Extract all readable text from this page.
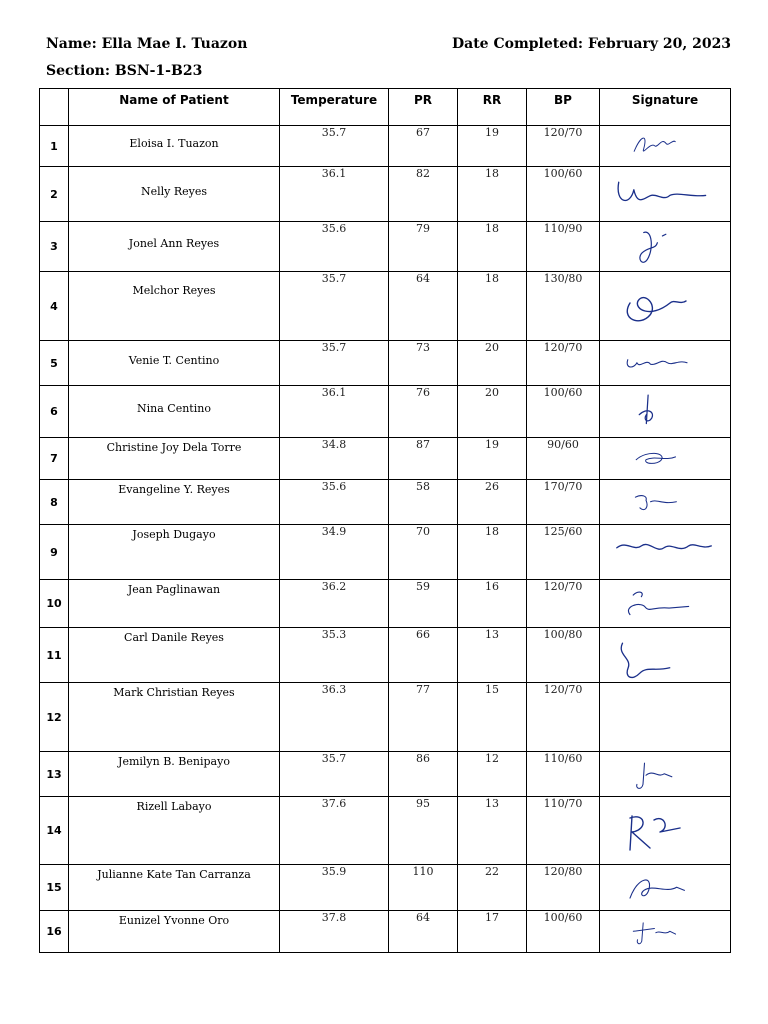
Name: Ella Mae I. Tuazon	Date Completed: February 20, 2023
Section: BSN-1-B23
	Name of Patient	Temperature	PR	RR	BP	Signature
1	Eloisa I. Tuazon	35.7	67	19	120/70	

2	Nelly Reyes	36.1	82	18	100/60	

3	Jonel Ann Reyes	35.6	79	18	110/90	

4	Melchor Reyes	35.7	64	18	130/80	

5	Venie T. Centino	35.7	73	20	120/70	

6	Nina Centino	36.1	76	20	100/60	

7	Christine Joy Dela Torre	34.8	87	19	90/60	

8	Evangeline Y. Reyes	35.6	58	26	170/70	

9	Joseph Dugayo	34.9	70	18	125/60	

10	Jean Paglinawan	36.2	59	16	120/70	

11	Carl Danile Reyes	35.3	66	13	100/80	

12	Mark Christian Reyes	36.3	77	15	120/70	
13	Jemilyn B. Benipayo	35.7	86	12	110/60	

14	Rizell Labayo	37.6	95	13	110/70	

15	Julianne Kate Tan Carranza	35.9	110	22	120/80	

16	Eunizel Yvonne Oro	37.8	64	17	100/60	
